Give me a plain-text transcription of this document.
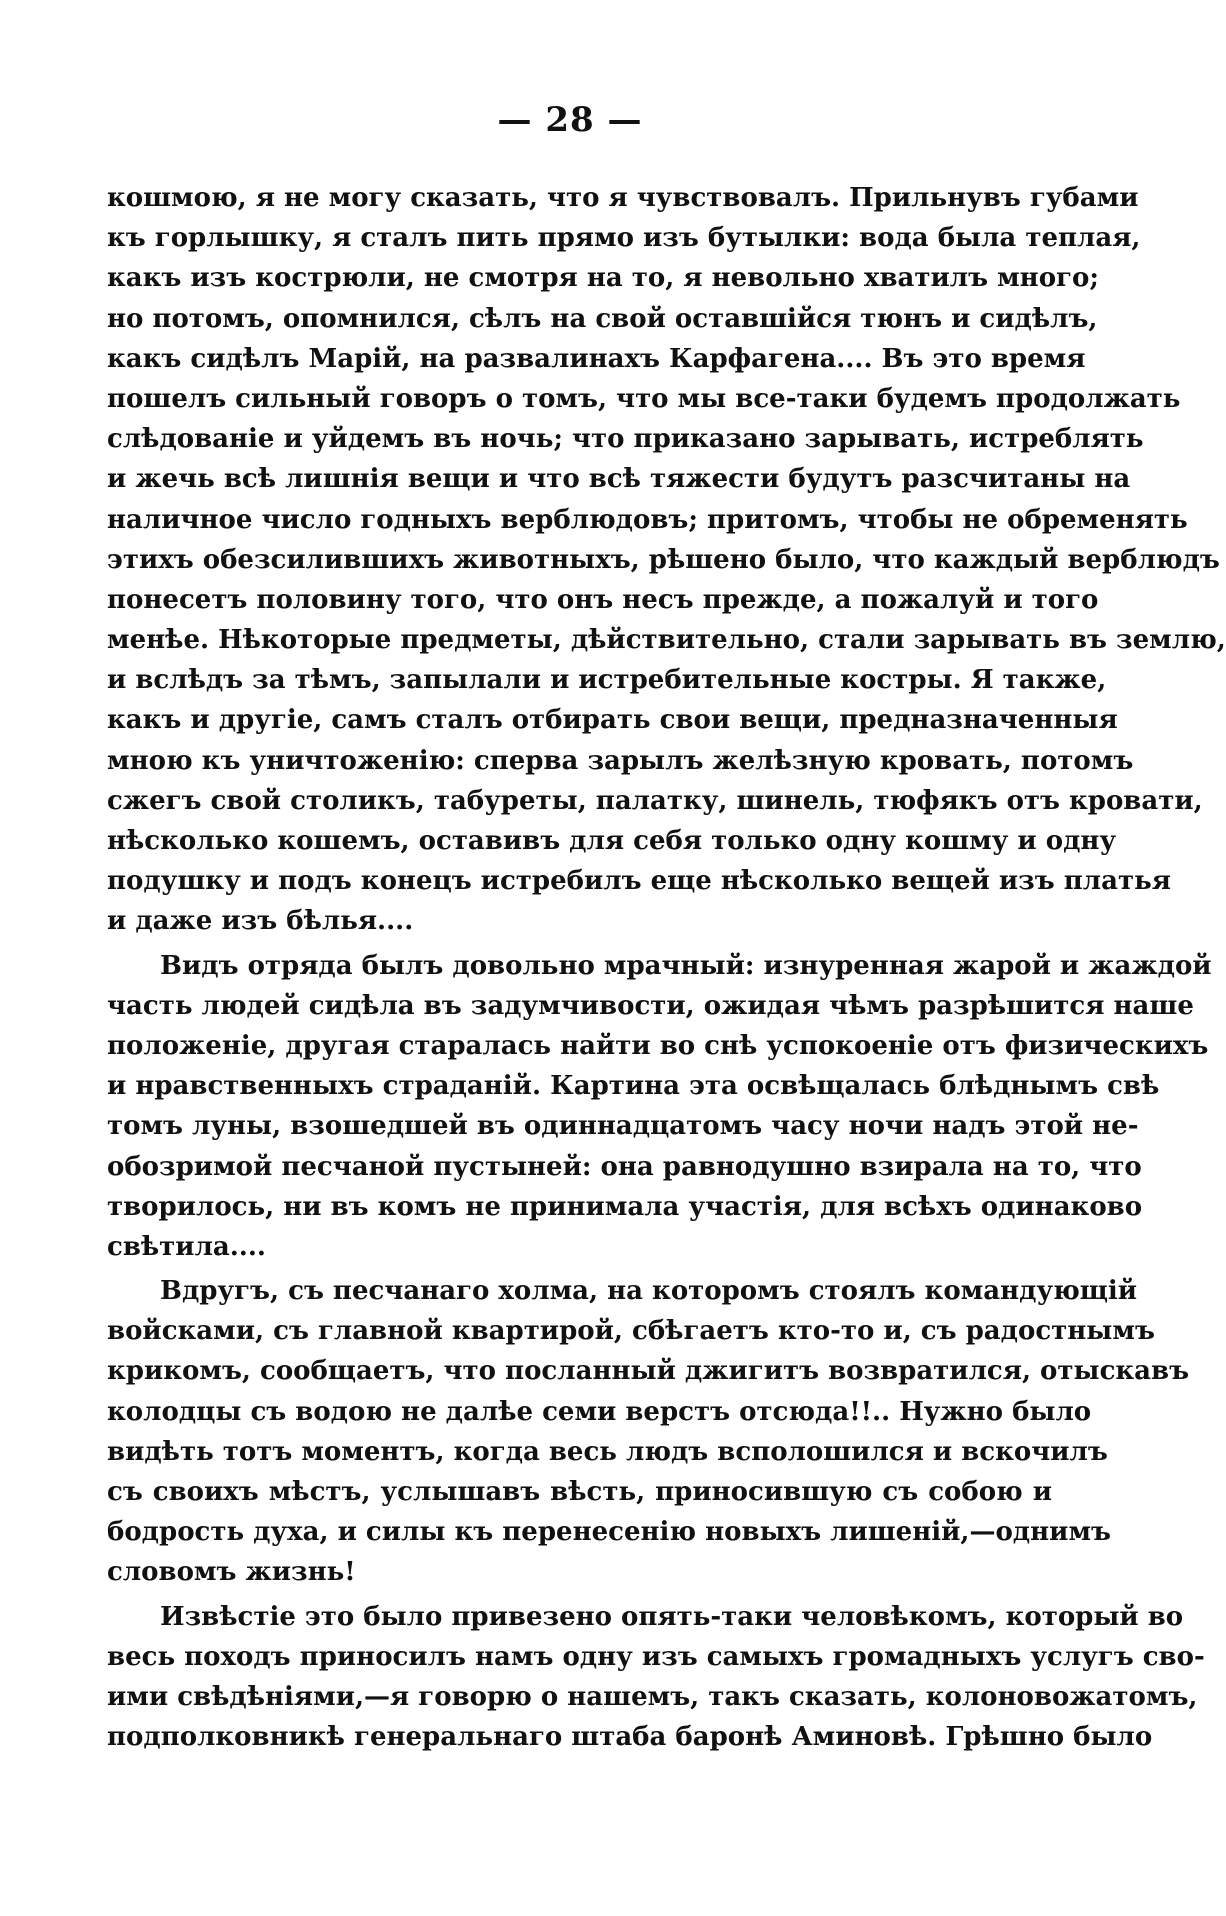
— 28 —
кошмою, я не могу сказать, что я чувствовалъ. Прильнувъ губами
къ горлышку, я сталъ пить прямо изъ бутылки: вода была теплая,
какъ изъ кострюли, не смотря на то, я невольно хватилъ много;
но потомъ, опомнился, сѣлъ на свой оставшійся тюнъ и сидѣлъ,
какъ сидѣлъ Марій, на развалинахъ Карфагена.... Въ это время
пошелъ сильный говоръ о томъ, что мы все-таки будемъ продолжать
слѣдованіе и уйдемъ въ ночь; что приказано зарывать, истреблять
и жечь всѣ лишнія вещи и что всѣ тяжести будутъ разсчитаны на
наличное число годныхъ верблюдовъ; притомъ, чтобы не обременять
этихъ обезсилившихъ животныхъ, рѣшено было, что каждый верблюдъ
понесетъ половину того, что онъ несъ прежде, а пожалуй и того
менѣе. Нѣкоторые предметы, дѣйствительно, стали зарывать въ землю,
и вслѣдъ за тѣмъ, запылали и истребительные костры. Я также,
какъ и другіе, самъ сталъ отбирать свои вещи, предназначенныя
мною къ уничтоженію: сперва зарылъ желѣзную кровать, потомъ
сжегъ свой столикъ, табуреты, палатку, шинель, тюфякъ отъ кровати,
нѣсколько кошемъ, оставивъ для себя только одну кошму и одну
подушку и подъ конецъ истребилъ еще нѣсколько вещей изъ платья
и даже изъ бѣлья....
Видъ отряда былъ довольно мрачный: изнуренная жарой и жаждой
часть людей сидѣла въ задумчивости, ожидая чѣмъ разрѣшится наше
положеніе, другая старалась найти во снѣ успокоеніе отъ физическихъ
и нравственныхъ страданій. Картина эта освѣщалась блѣднымъ свѣ
томъ луны, взошедшей въ одиннадцатомъ часу ночи надъ этой не-
обозримой песчаной пустыней: она равнодушно взирала на то, что
творилось, ни въ комъ не принимала участія, для всѣхъ одинаково
свѣтила....
Вдругъ, съ песчанаго холма, на которомъ стоялъ командующій
войсками, съ главной квартирой, сбѣгаетъ кто-то и, съ радостнымъ
крикомъ, сообщаетъ, что посланный джигитъ возвратился, отыскавъ
колодцы съ водою не далѣе семи верстъ отсюда!!.. Нужно было
видѣть тотъ моментъ, когда весь людъ всполошился и вскочилъ
съ своихъ мѣстъ, услышавъ вѣсть, приносившую съ собою и
бодрость духа, и силы къ перенесенію новыхъ лишеній,—однимъ
словомъ жизнь!
Извѣстіе это было привезено опять-таки человѣкомъ, который во
весь походъ приносилъ намъ одну изъ самыхъ громадныхъ услугъ сво-
ими свѣдѣніями,—я говорю о нашемъ, такъ сказать, колоновожатомъ,
подполковникѣ генеральнаго штаба баронѣ Аминовѣ. Грѣшно было
